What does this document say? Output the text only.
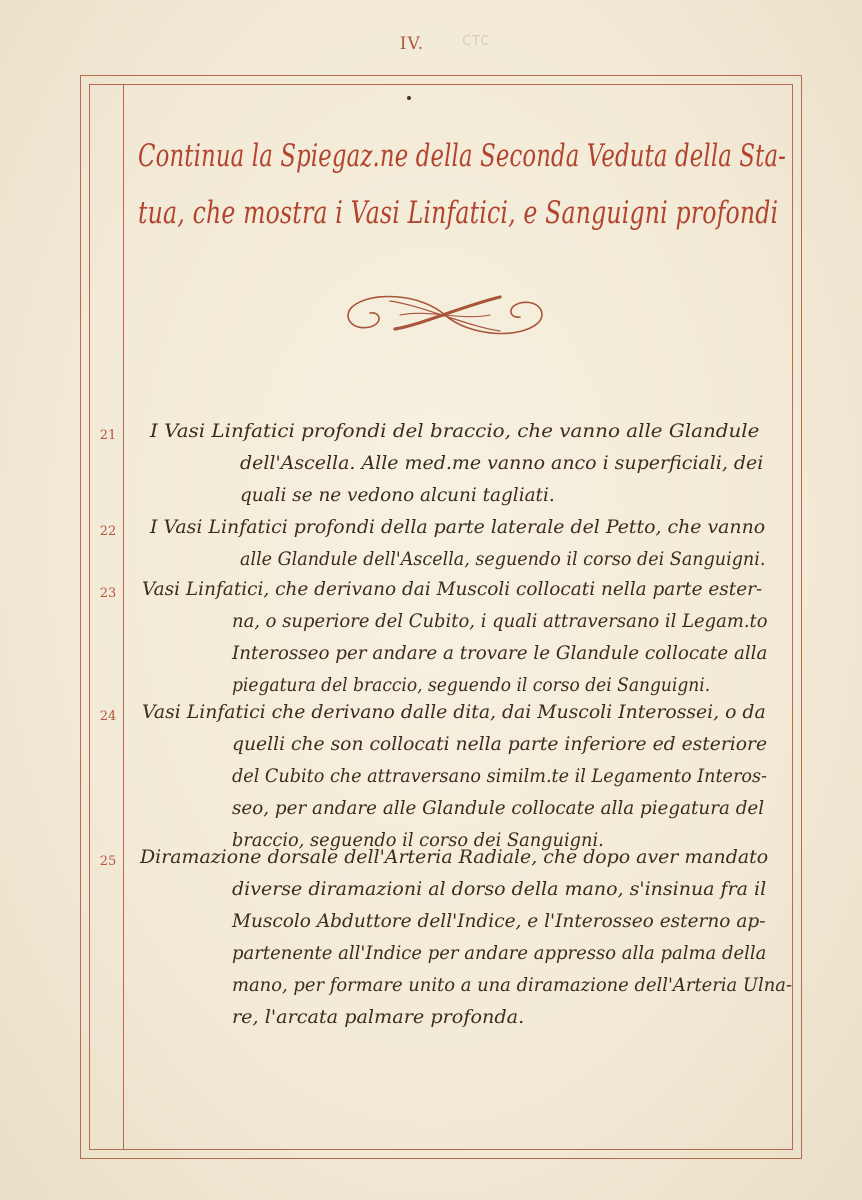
IV.	CTC
Continua la Spiegaz.ne della Seconda Veduta della Sta-
tua, che mostra i Vasi Linfatici, e Sanguigni profondi
21 I Vasi Linfatici profondi del braccio, che vanno alle Glandule
dell'Ascella. Alle med.me vanno anco i superficiali, dei
quali se ne vedono alcuni tagliati.
22 I Vasi Linfatici profondi della parte laterale del Petto, che vanno
alle Glandule dell'Ascella, seguendo il corso dei Sanguigni.
23 Vasi Linfatici, che derivano dai Muscoli collocati nella parte ester-
na, o superiore del Cubito, i quali attraversano il Legam.to
Interosseo per andare a trovare le Glandule collocate alla
piegatura del braccio, seguendo il corso dei Sanguigni.
24 Vasi Linfatici che derivano dalle dita, dai Muscoli Interossei, o da
quelli che son collocati nella parte inferiore ed esteriore
del Cubito che attraversano similm.te il Legamento Interos-
seo, per andare alle Glandule collocate alla piegatura del
braccio, seguendo il corso dei Sanguigni.
25 Diramazione dorsale dell'Arteria Radiale, che dopo aver mandato
diverse diramazioni al dorso della mano, s'insinua fra il
Muscolo Abduttore dell'Indice, e l'Interosseo esterno ap-
partenente all'Indice per andare appresso alla palma della
mano, per formare unito a una diramazione dell'Arteria Ulna-
re, l'arcata palmare profonda.
